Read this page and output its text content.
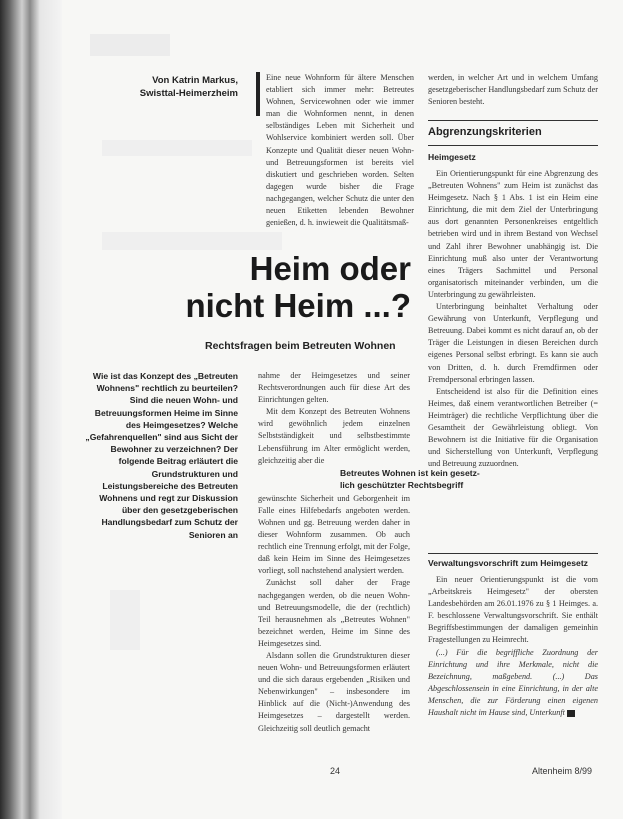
Von Katrin Markus,
Swisttal-Heimerzheim

Eine neue Wohnform für ältere Menschen etabliert sich immer mehr: Betreutes Wohnen, Servicewohnen oder wie immer man die Wohnformen nennt, in denen selbständiges Leben mit Sicherheit und Wohlservice kombiniert werden soll. Über Konzepte und Qualität dieser neuen Wohn- und Betreuungsformen ist bereits viel diskutiert und geschrieben worden. Selten dagegen wurde bisher die Frage nachgegangen, welcher Schutz die unter den neuen Etiketten lebenden Bewohner genießen, d. h. inwieweit die Qualitätsmaß-

Heim oder
nicht Heim ...?
Rechtsfragen beim Betreuten Wohnen
Wie ist das Konzept des „Betreuten Wohnens" rechtlich zu beurteilen? Sind die neuen Wohn- und Betreuungsformen Heime im Sinne des Heimgesetzes? Welche „Gefahrenquellen" sind aus Sicht der Bewohner zu verzeichnen? Der folgende Beitrag erläutert die Grundstrukturen und Leistungsbereiche des Betreuten Wohnens und regt zur Diskussion über den gesetzgeberischen Handlungsbedarf zum Schutz der Senioren an

nahme der Heimgesetzes und seiner Rechtsverordnungen auch für diese Art des Einrichtungen gelten.

Mit dem Konzept des Betreuten Wohnens wird gewöhnlich jedem einzelnen Selbstständigkeit und selbstbestimmte Lebensführung im Alter ermöglicht werden, gleichzeitig aber die

gewünschte Sicherheit und Geborgenheit im Falle eines Hilfebedarfs angeboten werden. Wohnen und gg. Betreuung werden daher in dieser Wohnform zusammen. Ob auch rechtlich eine Trennung erfolgt, mit der Folge, daß kein Heim im Sinne des Heimgesetzes vorliegt, soll nachstehend analysiert werden.

Zunächst soll daher der Frage nachgegangen werden, ob die neuen Wohn- und Betreuungsmodelle, die der (rechtlich) Teil herausnehmen als „Betreutes Wohnen" bezeichnet werden, Heime im Sinne des Heimgesetzes sind.

Alsdann sollen die Grundstrukturen dieser neuen Wohn- und Betreuungsformen erläutert und die sich daraus ergebenden „Risiken und Nebenwirkungen" – insbesondere im Hinblick auf die (Nicht-)Anwendung des Heimgesetzes – dargestellt werden. Gleichzeitig soll deutlich gemacht

Betreutes Wohnen ist kein gesetz-
lich geschützter Rechtsbegriff

werden, in welcher Art und in welchem Umfang gesetzgeberischer Handlungsbedarf zum Schutz der Senioren besteht.

Abgrenzungskriterien
Heimgesetz

Ein Orientierungspunkt für eine Abgrenzung des „Betreuten Wohnens" zum Heim ist zunächst das Heimgesetz. Nach § 1 Abs. 1 ist ein Heim eine Einrichtung, die mit dem Ziel der Unterbringung aus dort genannten Personenkreises entgeltlich betrieben wird und in ihrem Bestand von Wechsel und Zahl ihrer Bewohner unabhängig ist. Die Einrichtung muß also unter der Verantwortung eines Trägers Sachmittel und Personal organisatorisch miteinander verbinden, um die Unterbringung zu gewährleisten.

Unterbringung beinhaltet Verhaltung oder Gewährung von Unterkunft, Verpflegung und Betreuung. Dabei kommt es nicht darauf an, ob der Träger die Leistungen in diesen Bereichen durch eigenes Personal selbst erbringt. Es kann sie auch von Dritten, d. h. durch Fremdfirmen oder Fremdpersonal erbringen lassen.

Entscheidend ist also für die Definition eines Heimes, daß einem verantwortlichen Betreiber (= Heimträger) die rechtliche Verpflichtung über die Gesamtheit der Gewährleistung obliegt. Von Bewohnern ist die Initiative für die Organisation und Sicherstellung von Unterkunft, Verpflegung und Betreuung zuzuordnen.

Verwaltungsvorschrift zum Heimgesetz

Ein neuer Orientierungspunkt ist die vom „Arbeitskreis Heimgesetz" der obersten Landesbehörden am 26.01.1976 zu § 1 Heimges. a. F. beschlossene Verwaltungsvorschrift. Sie enthält Begriffsbestimmungen der damaligen gemeinhin Fragestellungen zu Heimrecht.

(...) Für die begriffliche Zuordnung der Einrichtung und ihre Merkmale, nicht die Bezeichnung, maßgebend. (...) Das Abgeschlossensein in eine Einrichtung, in der alte Menschen, die zur Förderung einen eigenen Haushalt nicht im Hause sind, Unterkunft

24	Altenheim 8/99
